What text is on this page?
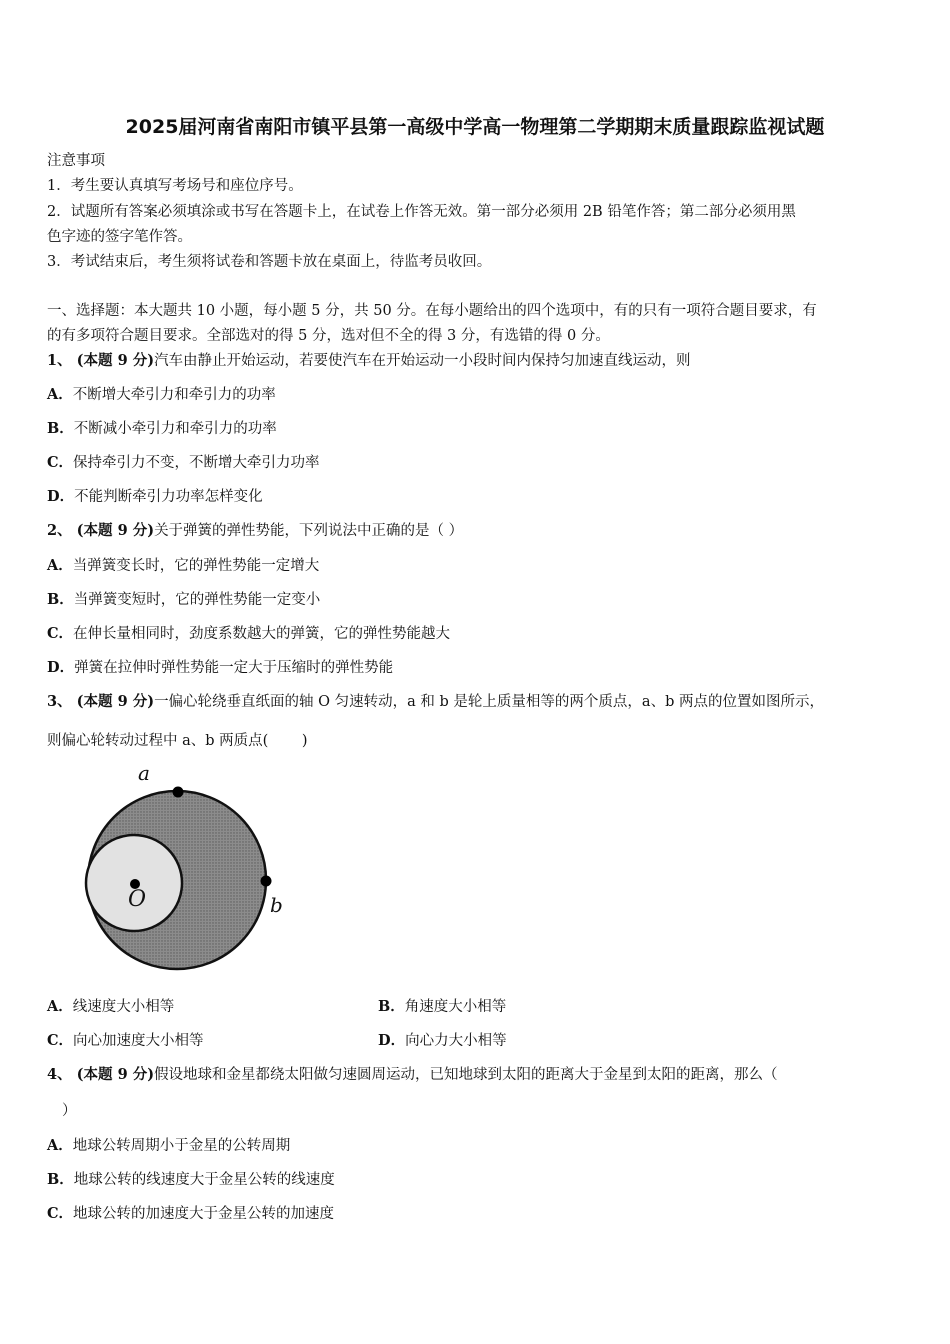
2025届河南省南阳市镇平县第一高级中学高一物理第二学期期末质量跟踪监视试题
注意事项
1．考生要认真填写考场号和座位序号。
2．试题所有答案必须填涂或书写在答题卡上，在试卷上作答无效。第一部分必须用 2B 铅笔作答；第二部分必须用黑
色字迹的签字笔作答。
3．考试结束后，考生须将试卷和答题卡放在桌面上，待监考员收回。
一、选择题：本大题共 10 小题，每小题 5 分，共 50 分。在每小题给出的四个选项中，有的只有一项符合题目要求，有
的有多项符合题目要求。全部选对的得 5 分，选对但不全的得 3 分，有选错的得 0 分。
1、 (本题 9 分)汽车由静止开始运动，若要使汽车在开始运动一小段时间内保持匀加速直线运动，则
A．不断增大牵引力和牵引力的功率
B．不断减小牵引力和牵引力的功率
C．保持牵引力不变，不断增大牵引力功率
D．不能判断牵引力功率怎样变化
2、 (本题 9 分)关于弹簧的弹性势能，下列说法中正确的是（ ）
A．当弹簧变长时，它的弹性势能一定增大
B．当弹簧变短时，它的弹性势能一定变小
C．在伸长量相同时，劲度系数越大的弹簧，它的弹性势能越大
D．弹簧在拉伸时弹性势能一定大于压缩时的弹性势能
3、 (本题 9 分)一偏心轮绕垂直纸面的轴 O 匀速转动，a 和 b 是轮上质量相等的两个质点，a、b 两点的位置如图所示，
则偏心轮转动过程中 a、b 两质点(　　 )
a
b
O
A．线速度大小相等	B．角速度大小相等
C．向心加速度大小相等	D．向心力大小相等
4、 (本题 9 分)假设地球和金星都绕太阳做匀速圆周运动，已知地球到太阳的距离大于金星到太阳的距离，那么（
）
A．地球公转周期小于金星的公转周期
B．地球公转的线速度大于金星公转的线速度
C．地球公转的加速度大于金星公转的加速度
